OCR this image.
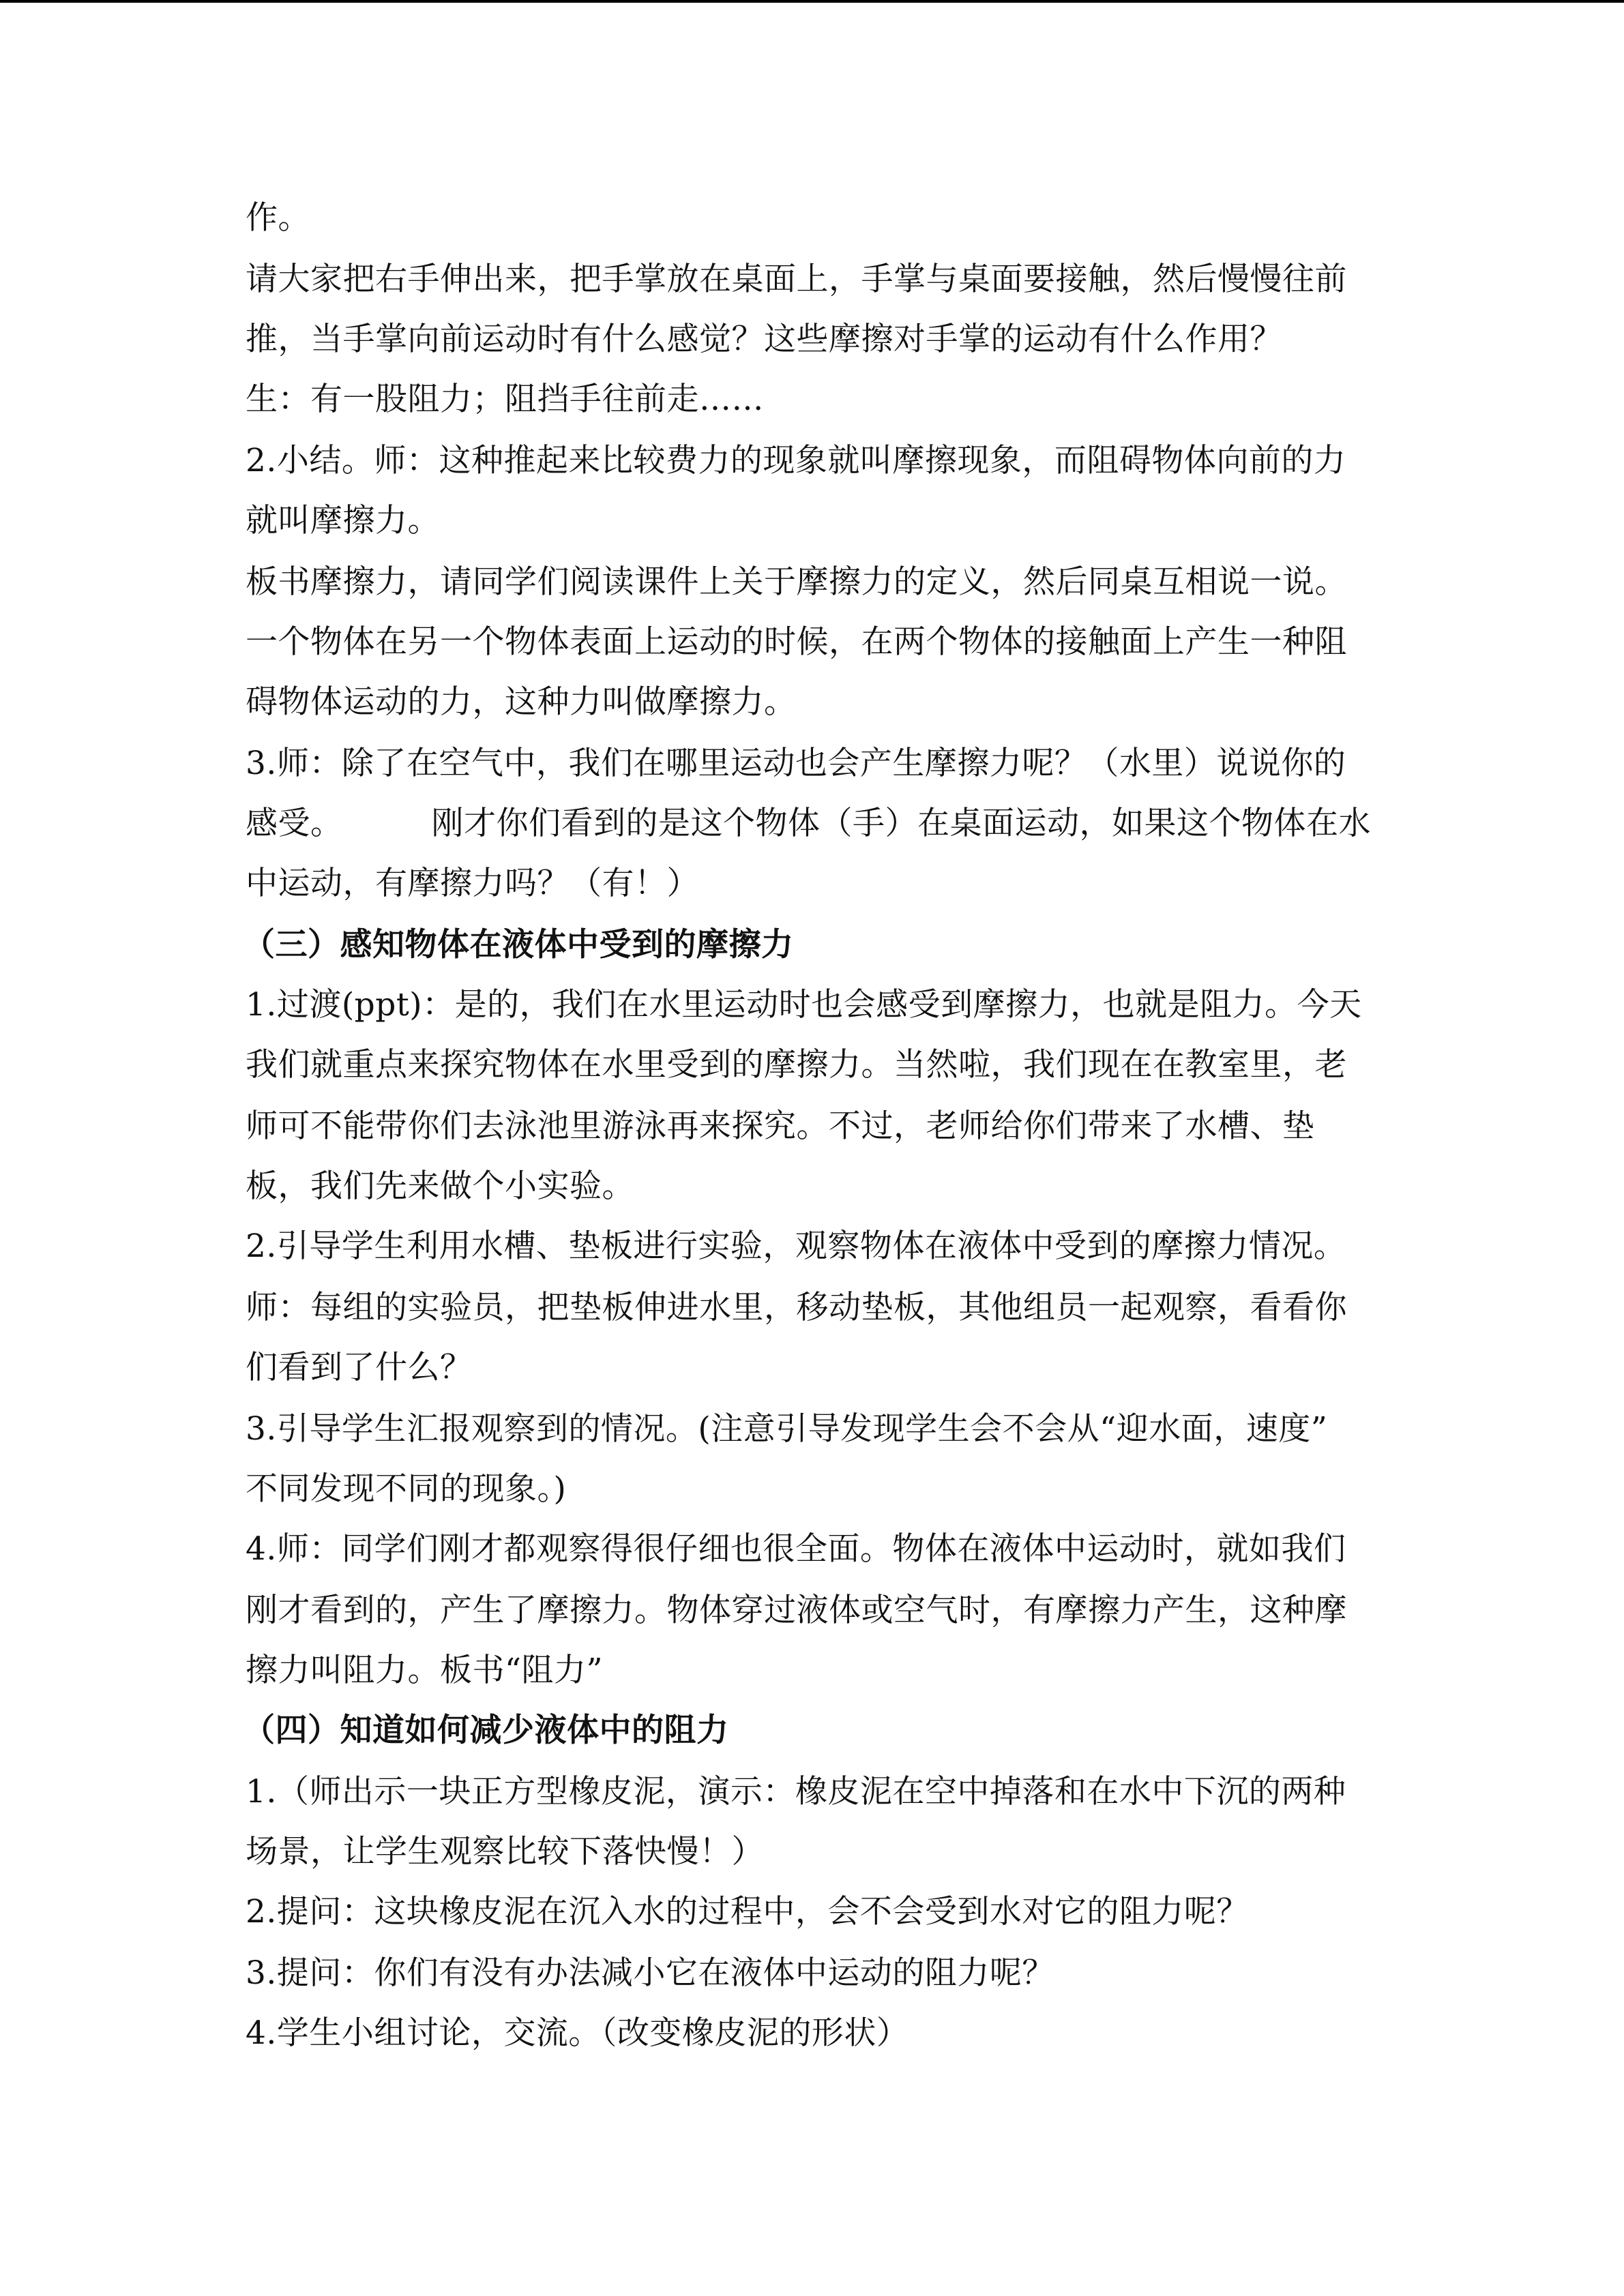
作。
请大家把右手伸出来，把手掌放在桌面上，手掌与桌面要接触，然后慢慢往前
推，当手掌向前运动时有什么感觉？这些摩擦对手掌的运动有什么作用？
生：有一股阻力；阻挡手往前走……
2.小结。师：这种推起来比较费力的现象就叫摩擦现象，而阻碍物体向前的力
就叫摩擦力。
板书摩擦力，请同学们阅读课件上关于摩擦力的定义，然后同桌互相说一说。
一个物体在另一个物体表面上运动的时候，在两个物体的接触面上产生一种阻
碍物体运动的力，这种力叫做摩擦力。
3.师：除了在空气中，我们在哪里运动也会产生摩擦力呢？（水里）说说你的
感受。	刚才你们看到的是这个物体（手）在桌面运动，如果这个物体在水
中运动，有摩擦力吗？（有！）
（三）感知物体在液体中受到的摩擦力
1.过渡(ppt)：是的，我们在水里运动时也会感受到摩擦力，也就是阻力。今天
我们就重点来探究物体在水里受到的摩擦力。当然啦，我们现在在教室里，老
师可不能带你们去泳池里游泳再来探究。不过，老师给你们带来了水槽、垫
板，我们先来做个小实验。
2.引导学生利用水槽、垫板进行实验，观察物体在液体中受到的摩擦力情况。
师：每组的实验员，把垫板伸进水里，移动垫板，其他组员一起观察，看看你
们看到了什么？
3.引导学生汇报观察到的情况。(注意引导发现学生会不会从“迎水面，速度”
不同发现不同的现象。)
4.师：同学们刚才都观察得很仔细也很全面。物体在液体中运动时，就如我们
刚才看到的，产生了摩擦力。物体穿过液体或空气时，有摩擦力产生，这种摩
擦力叫阻力。板书“阻力”
（四）知道如何减少液体中的阻力
1.（师出示一块正方型橡皮泥，演示：橡皮泥在空中掉落和在水中下沉的两种
场景，让学生观察比较下落快慢！）
2.提问：这块橡皮泥在沉入水的过程中，会不会受到水对它的阻力呢？
3.提问：你们有没有办法减小它在液体中运动的阻力呢？
4.学生小组讨论，交流。（改变橡皮泥的形状）
